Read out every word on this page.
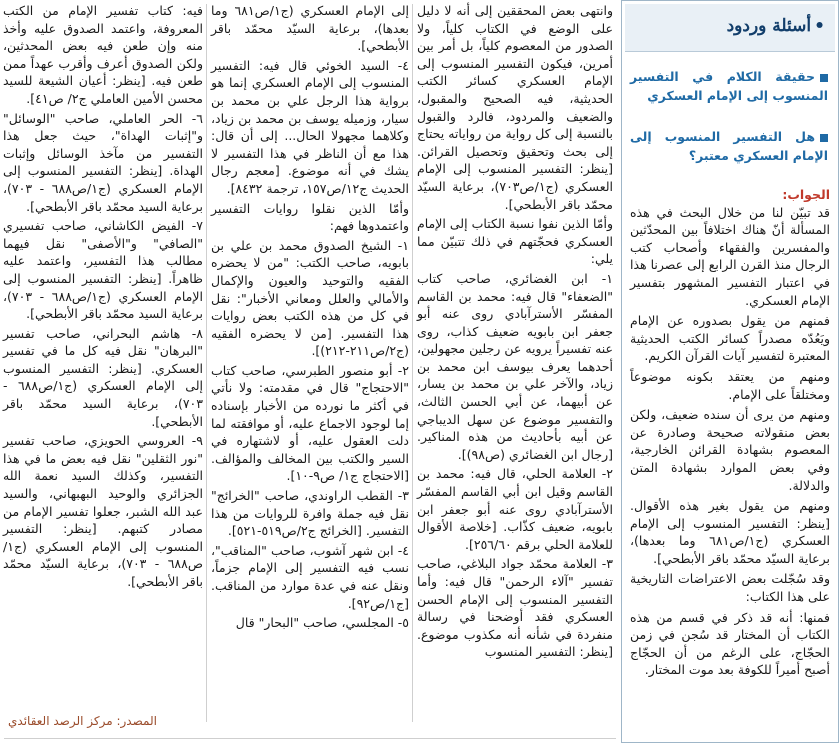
•أسئلة وردود
حقيقة الكلام في التفسير المنسوب إلى الإمام العسكري
هل التفسير المنسوب إلى الإمام العسكري معتبر؟
الجواب:

قد تبيّن لنا من خلال البحث في هذه المسألة أنّ هناك اختلافاً بين المحدّثين والمفسرين والفقهاء وأصحاب كتب الرجال منذ القرن الرابع إلى عصرنا هذا في اعتبار التفسير المشهور بتفسير الإمام العسكري.

فمنهم من يقول بصدوره عن الإمام ويَعُدّه مصدراً كسائر الكتب الحديثية المعتبرة لتفسير آيات القرآن الكريم.

ومنهم من يعتقد بكونه موضوعاً ومختلقاً على الإمام.

ومنهم من يرى أن سنده ضعيف، ولكن بعض منقولاته صحيحة وصادرة عن المعصوم بشهادة القرائن الخارجية، وفي بعض الموارد بشهادة المتن والدلالة.

ومنهم من يقول بغير هذه الأقوال. [ينظر: التفسير المنسوب إلى الإمام العسكري (ج١/ص٦٨١ وما بعدها)، برعاية السيّد محمّد باقر الأبطحي].

وقد سُجّلت بعض الاعتراضات التاريخية على هذا الكتاب:

فمنها: أنه قد ذكر في قسم من هذه الكتاب أن المختار قد سُجن في زمن الحجّاج، على الرغم من أن الحجّاج أصبح أميراً للكوفة بعد موت المختار.

وانتهى بعض المحققين إلى أنه لا دليل على الوضع في الكتاب كلياً، ولا الصدور من المعصوم كلياً، بل أمر بين أمرين، فيكون التفسير المنسوب إلى الإمام العسكري كسائر الكتب الحديثية، فيه الصحيح والمقبول، والضعيف والمردود، فالرد والقبول بالنسبة إلى كل رواية من رواياته يحتاج إلى بحث وتحقيق وتحصيل القرائن. [ينظر: التفسير المنسوب إلى الإمام العسكري (ج١/ص٧٠٣)، برعاية السيّد محمّد باقر الأبطحي].

وأمّا الذين نفوا نسبة الكتاب إلى الإمام العسكري فحجّتهم في ذلك تتبيّن مما يلي:

١- ابن الغضائري، صاحب كتاب "الضعفاء" قال فيه: محمد بن القاسم المفسّر الأسترآبادي روى عنه أبو جعفر ابن بابويه ضعيف كذاب، روى عنه تفسيراً يرويه عن رجلين مجهولين، أحدهما يعرف بيوسف ابن محمد بن زياد، والآخر علي بن محمد بن يسار، عن أبيهما، عن أبي الحسن الثالث، والتفسير موضوع عن سهل الديباجي عن أبيه بأحاديث من هذه المناكير. [رجال ابن الغضائري (ص٩٨)].

٢- العلامة الحلي، قال فيه: محمد بن القاسم وقيل ابن أبي القاسم المفسّر الأسترآبادي روى عنه أبو جعفر ابن بابويه، ضعيف كذّاب. [خلاصة الأقوال للعلامة الحلي برقم ٢٥٦/٦٠].

٣- العلامة محمّد جواد البلاغي، صاحب تفسير "آلاء الرحمن" قال فيه: وأما التفسير المنسوب إلى الإمام الحسن العسكري فقد أوضحنا في رسالة منفردة في شأنه أنه مكذوب موضوع. [ينظر: التفسير المنسوب

إلى الإمام العسكري (ج١/ص٦٨١ وما بعدها)، برعاية السيّد محمّد باقر الأبطحي].

٤- السيد الخوئي قال فيه: التفسير المنسوب إلى الإمام العسكري إنما هو برواية هذا الرجل علي بن محمد بن سيار، وزميله يوسف بن محمد بن زياد، وكلاهما مجهولا الحال... إلى أن قال: هذا مع أن الناظر في هذا التفسير لا يشك في أنه موضوع. [معجم رجال الحديث ج١٢/ص١٥٧، ترجمة ٨٤٣٢].

وأمّا الذين نقلوا روايات التفسير واعتمدوها فهم:

١- الشيخ الصدوق محمد بن علي بن بابويه، صاحب الكتب: "من لا يحضره الفقيه والتوحيد والعيون والإكمال والأمالي والعلل ومعاني الأخبار": نقل في كل من هذه الكتب بعض روايات هذا التفسير. [من لا يحضره الفقيه (ج٢/ص٢١١-٢١٢)].

٢- أبو منصور الطبرسي، صاحب كتاب "الاحتجاج" قال في مقدمته: ولا نأتي في أكثر ما نورده من الأخبار بإسناده إما لوجود الاجماع عليه، أو موافقته لما دلت العقول عليه، أو لاشتهاره في السير والكتب بين المخالف والمؤالف. [الاحتجاج ج١/ ص٩-١٠].

٣- القطب الراوندي، صاحب "الخرائج" نقل فيه جملة وافرة للروايات من هذا التفسير. [الخرائج ج٢/ص٥١٩-٥٢١].

٤- ابن شهر آشوب، صاحب "المناقب"، نسب فيه التفسير إلى الإمام جزماً، ونقل عنه في عدة موارد من المناقب. [ج١/ص٩٢].

٥- المجلسي، صاحب "البحار" قال

فيه: كتاب تفسير الإمام من الكتب المعروفة، واعتمد الصدوق عليه وأخذ منه وإن طعن فيه بعض المحدثين، ولكن الصدوق أعرف وأقرب عهداً ممن طعن فيه. [ينظر: أعيان الشيعة للسيد محسن الأمين العاملي ج٢/ ص٤١].

٦- الحر العاملي، صاحب "الوسائل" و"إثبات الهداة"، حيث جعل هذا التفسير من مآخذ الوسائل وإثبات الهداة. [ينظر: التفسير المنسوب إلى الإمام العسكري (ج١/ص٦٨٨ - ٧٠٣)، برعاية السيد محمّد باقر الأبطحي].

٧- الفيض الكاشاني، صاحب تفسيري "الصافي" و"الأصفى" نقل فيهما مطالب هذا التفسير، واعتمد عليه ظاهراً. [ينظر: التفسير المنسوب إلى الإمام العسكري (ج١/ص٦٨٨ - ٧٠٣)، برعاية السيد محمّد باقر الأبطحي].

٨- هاشم البحراني، صاحب تفسير "البرهان" نقل فيه كل ما في تفسير العسكري. [ينظر: التفسير المنسوب إلى الإمام العسكري (ج١/ص٦٨٨ - ٧٠٣)، برعاية السيد محمّد باقر الأبطحي].

٩- العروسي الحويزي، صاحب تفسير "نور الثقلين" نقل فيه بعض ما في هذا التفسير، وكذلك السيد نعمة الله الجزائري والوحيد البهبهاني، والسيد عبد الله الشبر، جعلوا تفسير الإمام من مصادر كتبهم. [ينظر: التفسير المنسوب إلى الإمام العسكري (ج١/ ص٦٨٨ - ٧٠٣)، برعاية السيّد محمّد باقر الأبطحي].

المصدر: مركز الرصد العقائدي
